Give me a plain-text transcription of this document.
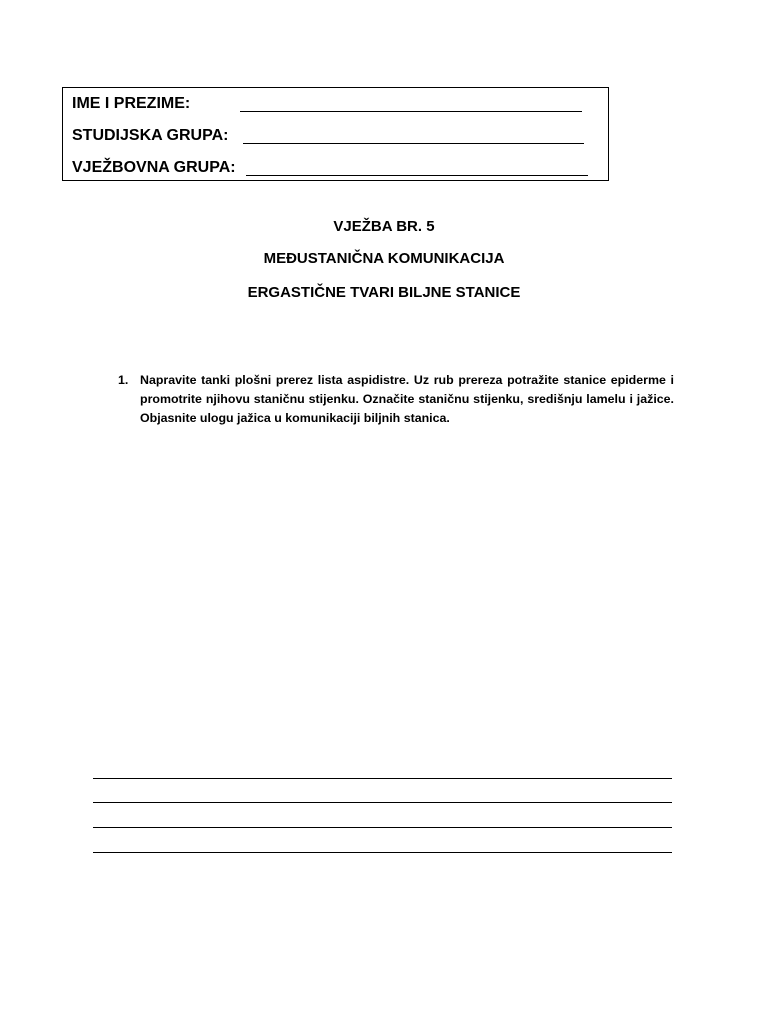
IME I PREZIME:
STUDIJSKA GRUPA:
VJEŽBOVNA GRUPA:
VJEŽBA BR. 5
MEĐUSTANIČNA KOMUNIKACIJA
ERGASTIČNE TVARI BILJNE STANICE
1. Napravite tanki plošni prerez lista aspidistre. Uz rub prereza potražite stanice epiderme i promotrite njihovu staničnu stijenku. Označite staničnu stijenku, središnju lamelu i jažice. Objasnite ulogu jažica u komunikaciji biljnih stanica.
